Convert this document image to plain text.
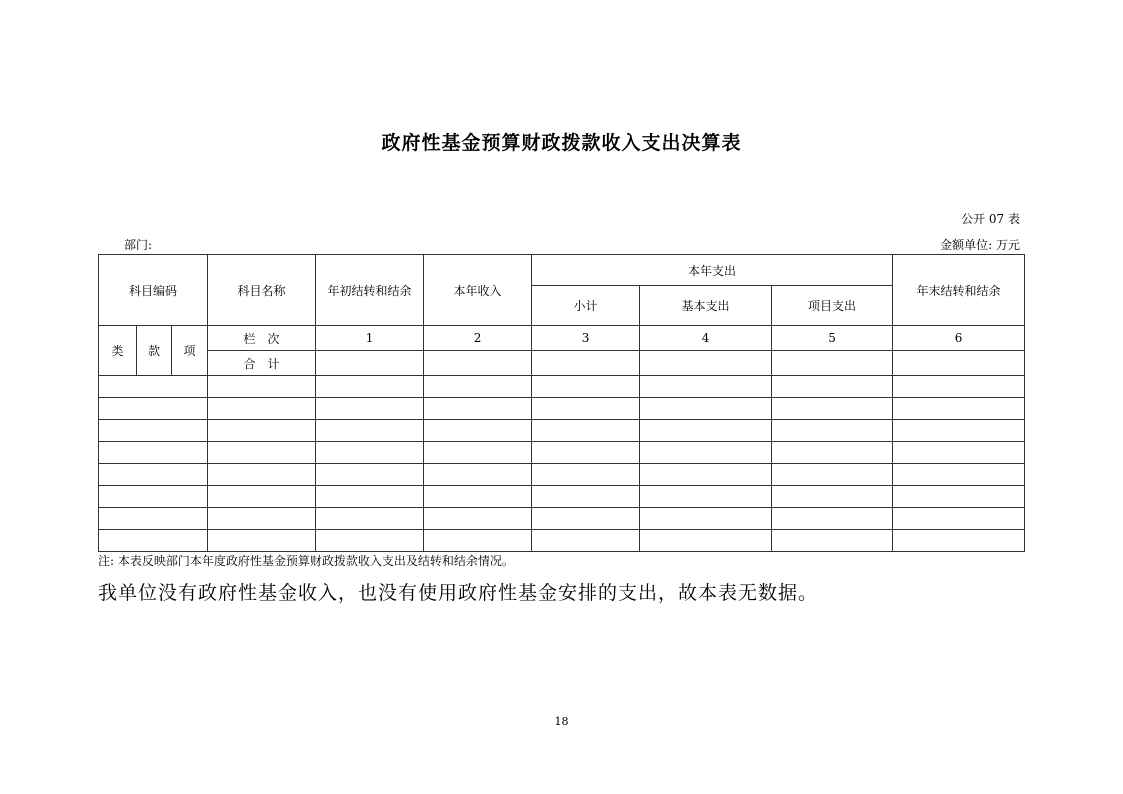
政府性基金预算财政拨款收入支出决算表
公开 07 表
部门:	金额单位: 万元
科目编码			科目名称	年初结转和结余	本年收入	本年支出			年末结转和结余
						小计	基本支出	项目支出	
类	款	项	栏　次	1	2	3	4	5	6
			合　计						

注: 本表反映部门本年度政府性基金预算财政拨款收入支出及结转和结余情况。
我单位没有政府性基金收入，也没有使用政府性基金安排的支出，故本表无数据。
18
